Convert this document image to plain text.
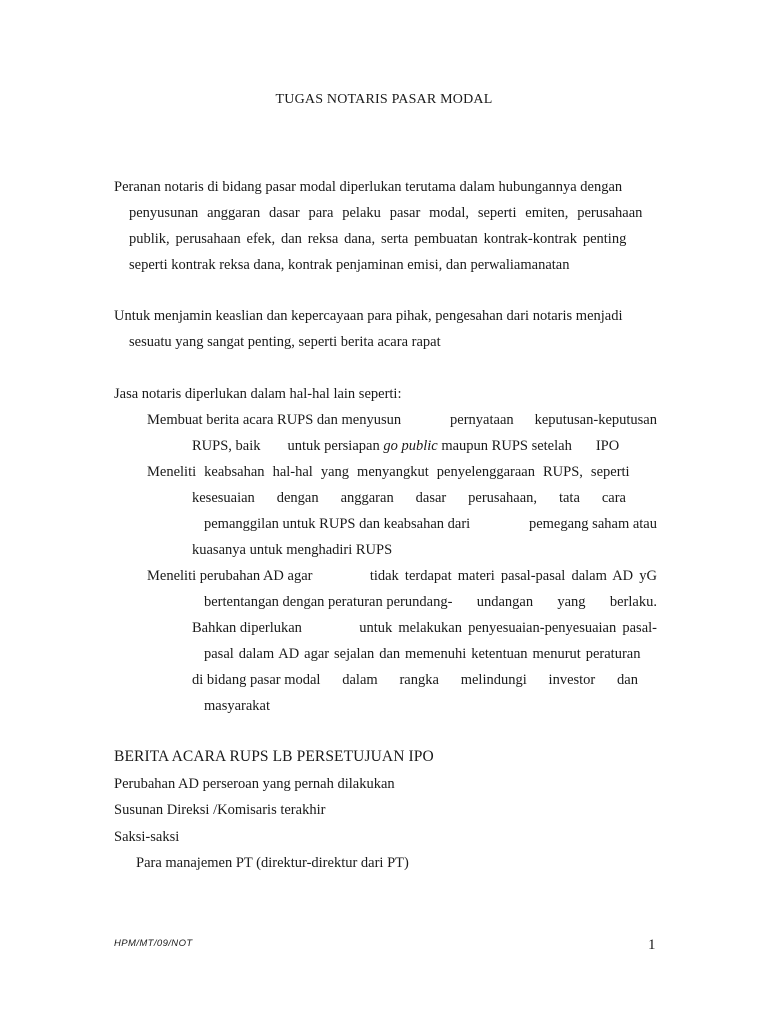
TUGAS NOTARIS PASAR MODAL
Peranan notaris di bidang pasar modal diperlukan terutama dalam hubungannya dengan
penyusunan anggaran dasar para pelaku pasar modal, seperti emiten, perusahaan
publik, perusahaan efek, dan reksa dana, serta pembuatan kontrak-kontrak penting
seperti kontrak reksa dana, kontrak penjaminan emisi, dan perwaliamanatan
Untuk menjamin keaslian dan kepercayaan para pihak, pengesahan dari notaris menjadi
sesuatu yang sangat penting, seperti berita acara rapat
Jasa notaris diperlukan dalam hal-hal lain seperti:
Membuat berita acara RUPS dan menyusun	pernyataan keputusan-keputusan
RUPS, baik untuk persiapan go public maupun RUPS setelah IPO
Meneliti keabsahan hal-hal yang menyangkut penyelenggaraan RUPS, seperti
kesesuaian dengan anggaran dasar perusahaan, tata cara
pemanggilan untuk RUPS dan keabsahan dari	pemegang saham atau
kuasanya untuk menghadiri RUPS
Meneliti perubahan AD agar	tidak terdapat materi pasal-pasal dalam AD yG
bertentangan dengan peraturan perundang- undangan yang berlaku.
Bahkan diperlukan	untuk melakukan penyesuaian-penyesuaian pasal-
pasal dalam AD agar sejalan dan memenuhi ketentuan menurut peraturan
di bidang pasar modal dalam rangka melindungi investor dan
masyarakat
BERITA ACARA RUPS LB PERSETUJUAN IPO
Perubahan AD perseroan yang pernah dilakukan
Susunan Direksi /Komisaris terakhir
Saksi-saksi
Para manajemen PT (direktur-direktur dari PT)
HPM/MT/09/NOT	1
